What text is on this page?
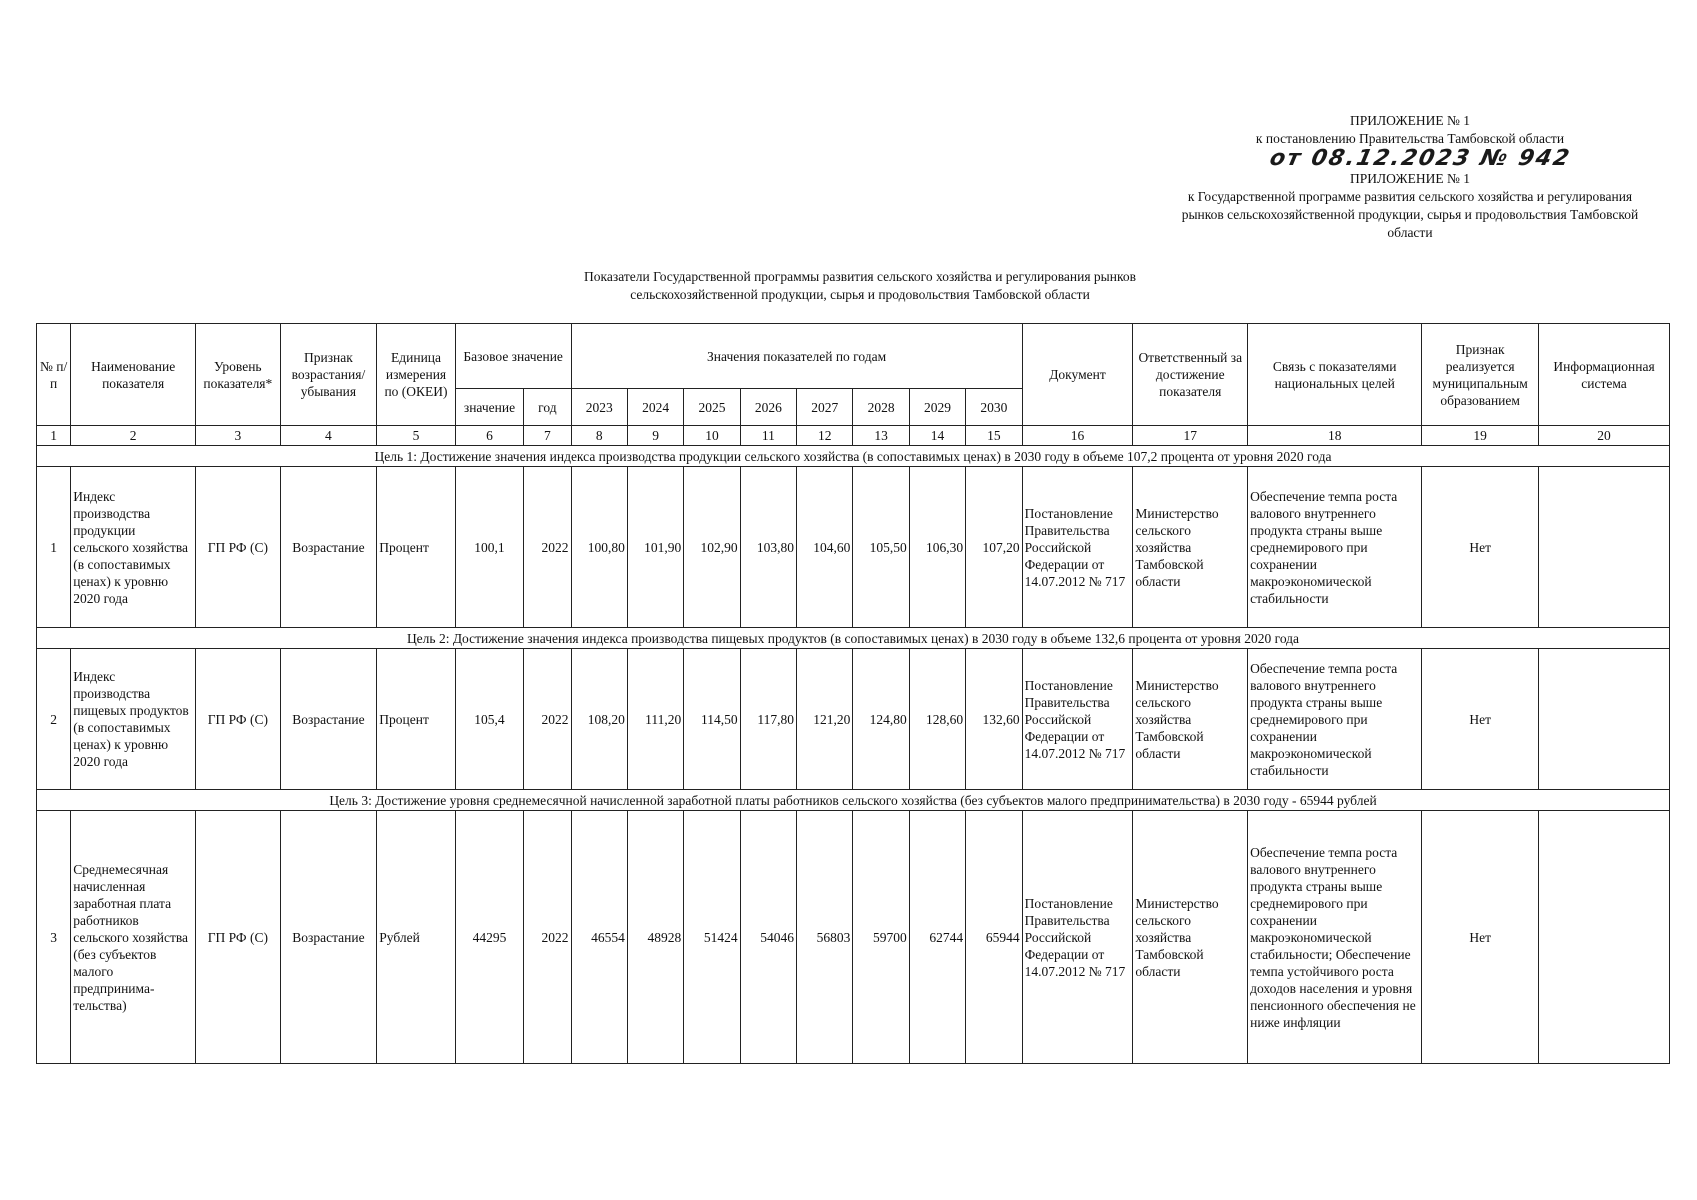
ПРИЛОЖЕНИЕ № 1
к постановлению Правительства Тамбовской области
от 08.12.2023 № 942
ПРИЛОЖЕНИЕ № 1
к Государственной программе развития сельского хозяйства и регулирования рынков сельскохозяйственной продукции, сырья и продовольствия Тамбовской области
Показатели Государственной программы развития сельского хозяйства и регулирования рынков
сельскохозяйственной продукции, сырья и продовольствия Тамбовской области
№ п/п	Наименование показателя	Уровень показателя*	Признак возрастания/ убывания	Единица измерения по (ОКЕИ)	Базовое значение		Значения показателей по годам								Документ	Ответственный за достижение показателя	Связь с показателями национальных целей	Признак реализуется муниципальным образованием	Информационная система
					значение	год	2023	2024	2025	2026	2027	2028	2029	2030					
1	2	3	4	5	6	7	8	9	10	11	12	13	14	15	16	17	18	19	20
Цель 1: Достижение значения индекса производства продукции сельского хозяйства (в сопоставимых ценах) в 2030 году в объеме 107,2 процента от уровня 2020 года																			
1	Индекс производства продукции сельского хозяйства (в сопоставимых ценах) к уровню 2020 года	ГП РФ (С)	Возрастание	Процент	100,1	2022	100,80	101,90	102,90	103,80	104,60	105,50	106,30	107,20	Постановление Правительства Российской Федерации от 14.07.2012 № 717	Министерство сельского хозяйства Тамбовской области	Обеспечение темпа роста валового внутреннего продукта страны выше среднемирового при сохранении макроэкономической стабильности	Нет	
Цель 2: Достижение значения индекса производства пищевых продуктов (в сопоставимых ценах) в 2030 году в объеме 132,6 процента от уровня 2020 года																			
2	Индекс производства пищевых продуктов (в сопоставимых ценах) к уровню 2020 года	ГП РФ (С)	Возрастание	Процент	105,4	2022	108,20	111,20	114,50	117,80	121,20	124,80	128,60	132,60	Постановление Правительства Российской Федерации от 14.07.2012 № 717	Министерство сельского хозяйства Тамбовской области	Обеспечение темпа роста валового внутреннего продукта страны выше среднемирового при сохранении макроэкономической стабильности	Нет	
Цель 3: Достижение уровня среднемесячной начисленной заработной платы работников сельского хозяйства (без субъектов малого предпринимательства) в 2030 году - 65944 рублей																			
3	Среднемесячная начисленная заработная плата работников сельского хозяйства (без субъектов малого предпринима-тельства)	ГП РФ (С)	Возрастание	Рублей	44295	2022	46554	48928	51424	54046	56803	59700	62744	65944	Постановление Правительства Российской Федерации от 14.07.2012 № 717	Министерство сельского хозяйства Тамбовской области	Обеспечение темпа роста валового внутреннего продукта страны выше среднемирового при сохранении макроэкономической стабильности; Обеспечение темпа устойчивого роста доходов населения и уровня пенсионного обеспечения не ниже инфляции	Нет	
